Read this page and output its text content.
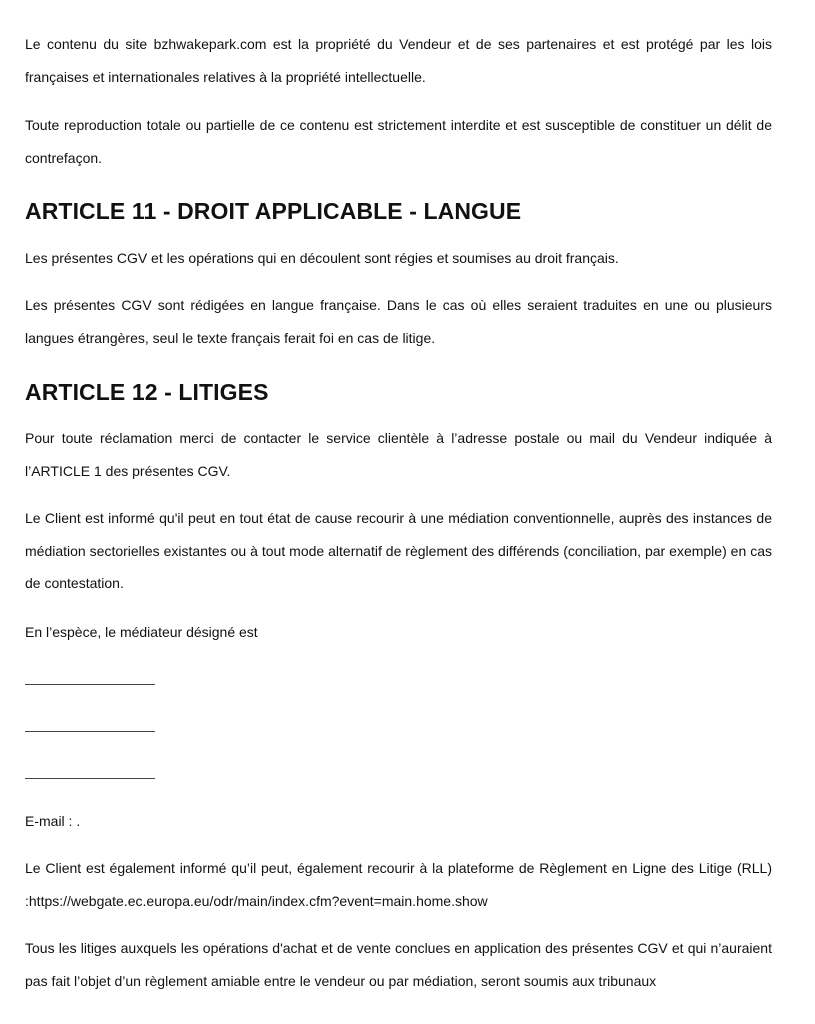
Le contenu du site bzhwakepark.com est la propriété du Vendeur et de ses partenaires et est protégé par les lois françaises et internationales relatives à la propriété intellectuelle.

Toute reproduction totale ou partielle de ce contenu est strictement interdite et est susceptible de constituer un délit de contrefaçon.

ARTICLE 11 - DROIT APPLICABLE - LANGUE

Les présentes CGV et les opérations qui en découlent sont régies et soumises au droit français.

Les présentes CGV sont rédigées en langue française. Dans le cas où elles seraient traduites en une ou plusieurs langues étrangères, seul le texte français ferait foi en cas de litige.

ARTICLE 12 - LITIGES

Pour toute réclamation merci de contacter le service clientèle à l’adresse postale ou mail du Vendeur indiquée à l’ARTICLE 1 des présentes CGV.

Le Client est informé qu'il peut en tout état de cause recourir à une médiation conventionnelle, auprès des instances de médiation sectorielles existantes ou à tout mode alternatif de règlement des différends (conciliation, par exemple) en cas de contestation.

En l’espèce, le médiateur désigné est

E-mail : .

Le Client est également informé qu’il peut, également recourir à la plateforme de Règlement en Ligne des Litige (RLL) :https://webgate.ec.europa.eu/odr/main/index.cfm?event=main.home.show

Tous les litiges auxquels les opérations d'achat et de vente conclues en application des présentes CGV et qui n’auraient pas fait l’objet d’un règlement amiable entre le vendeur ou par médiation, seront soumis aux tribunaux
